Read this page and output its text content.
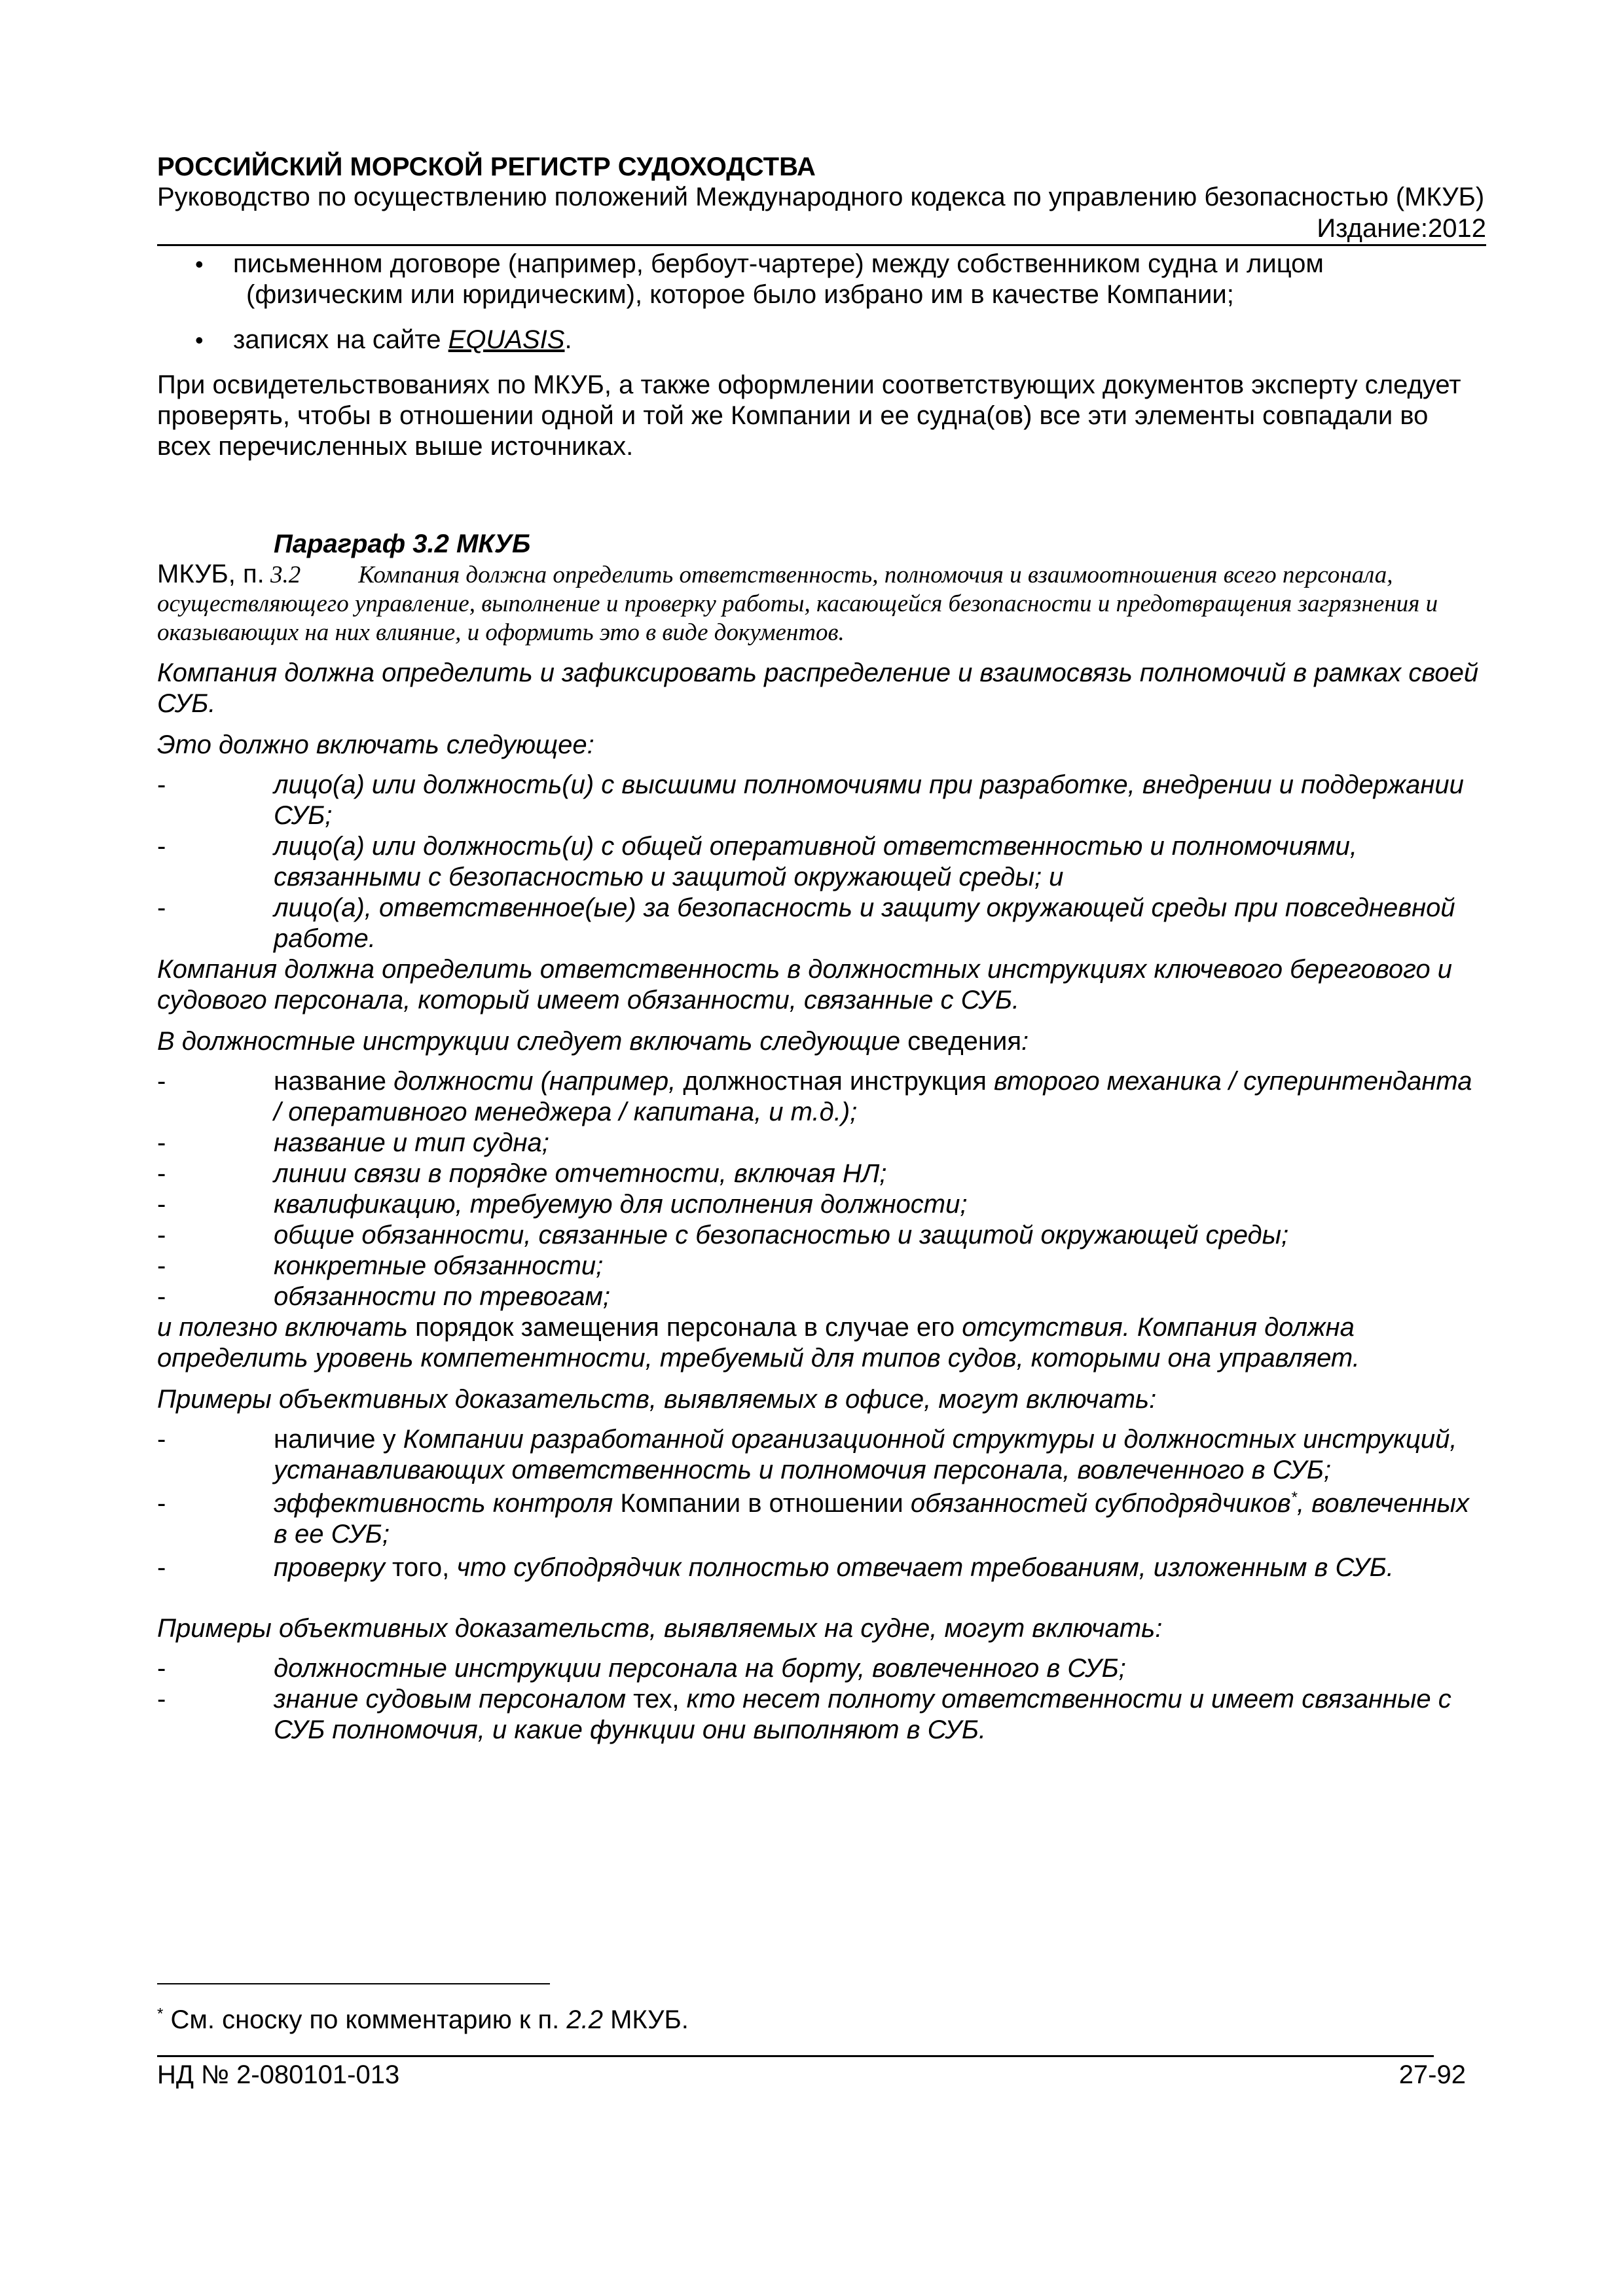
РОССИЙСКИЙ МОРСКОЙ РЕГИСТР СУДОХОДСТВА
Руководство по осуществлению положений Международного кодекса по управлению безопасностью (МКУБ)
Издание:2012
• письменном договоре (например, бербоут-чартере) между собственником судна и лицом
(физическим или юридическим), которое было избрано им в качестве Компании;
• записях на сайте EQUASIS.

При освидетельствованиях по МКУБ, а также оформлении соответствующих документов эксперту следует проверять, чтобы в отношении одной и той же Компании и ее судна(ов) все эти элементы совпадали во всех перечисленных выше источниках.

Параграф 3.2 МКУБ

МКУБ, п. 3.2 Компания должна определить ответственность, полномочия и взаимоотношения всего персонала, осуществляющего управление, выполнение и проверку работы, касающейся безопасности и предотвращения загрязнения и оказывающих на них влияние, и оформить это в виде документов.

Компания должна определить и зафиксировать распределение и взаимосвязь полномочий в рамках своей СУБ.

Это должно включать следующее:

- лицо(а) или должность(и) с высшими полномочиями при разработке, внедрении и поддержании СУБ;
- лицо(а) или должность(и) с общей оперативной ответственностью и полномочиями, связанными с безопасностью и защитой окружающей среды; и
- лицо(а), ответственное(ые) за безопасность и защиту окружающей среды при повседневной работе.

Компания должна определить ответственность в должностных инструкциях ключевого берегового и судового персонала, который имеет обязанности, связанные с СУБ.

В должностные инструкции следует включать следующие сведения:

- название должности (например, должностная инструкция второго механика / суперинтенданта / оперативного менеджера / капитана, и т.д.);
- название и тип судна;
- линии связи в порядке отчетности, включая НЛ;
- квалификацию, требуемую для исполнения должности;
- общие обязанности, связанные с безопасностью и защитой окружающей среды;
- конкретные обязанности;
- обязанности по тревогам;

и полезно включать порядок замещения персонала в случае его отсутствия. Компания должна определить уровень компетентности, требуемый для типов судов, которыми она управляет.

Примеры объективных доказательств, выявляемых в офисе, могут включать:

- наличие у Компании разработанной организационной структуры и должностных инструкций, устанавливающих ответственность и полномочия персонала, вовлеченного в СУБ;
- эффективность контроля Компании в отношении обязанностей субподрядчиков*, вовлеченных в ее СУБ;
- проверку того, что субподрядчик полностью отвечает требованиям, изложенным в СУБ.

Примеры объективных доказательств, выявляемых на судне, могут включать:

- должностные инструкции персонала на борту, вовлеченного в СУБ;
- знание судовым персоналом тех, кто несет полноту ответственности и имеет связанные с СУБ полномочия, и какие функции они выполняют в СУБ.
* См. сноску по комментарию к п. 2.2 МКУБ.
НД № 2-080101-013	27-92
